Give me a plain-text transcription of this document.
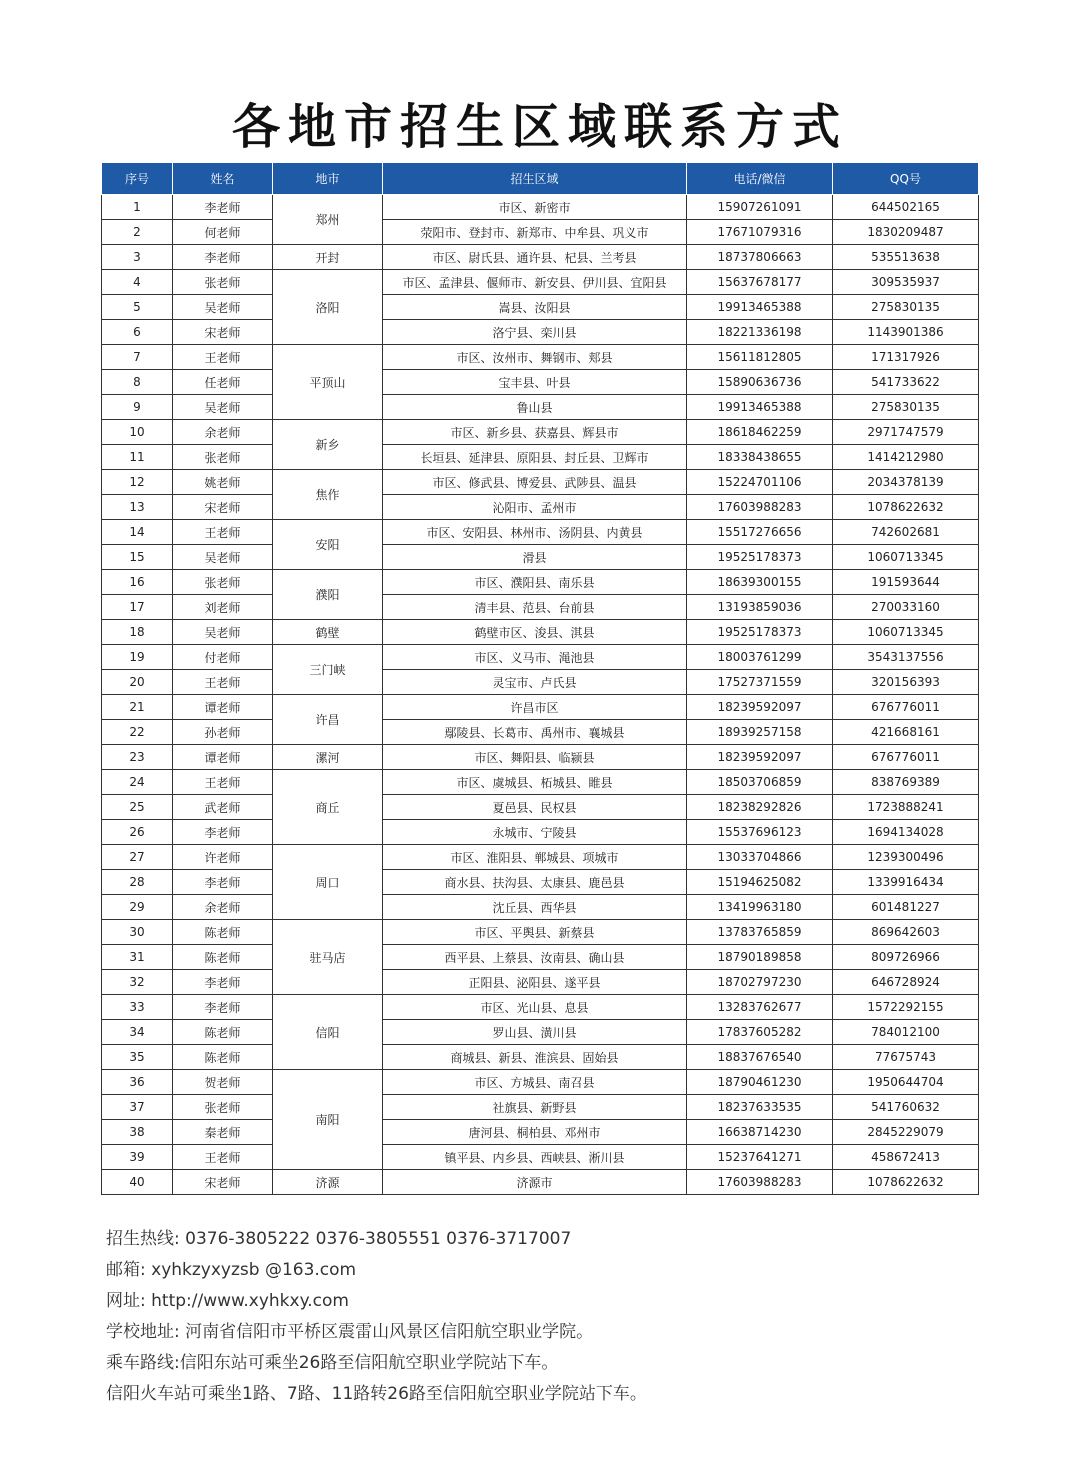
各地市招生区域联系方式
序号	姓名	地市	招生区域	电话/微信	QQ号
1	李老师	郑州	市区、新密市	15907261091	644502165
2	何老师		荥阳市、登封市、新郑市、中牟县、巩义市	17671079316	1830209487
3	李老师	开封	市区、尉氏县、通许县、杞县、兰考县	18737806663	535513638
4	张老师	洛阳	市区、孟津县、偃师市、新安县、伊川县、宜阳县	15637678177	309535937
5	吴老师		嵩县、汝阳县	19913465388	275830135
6	宋老师		洛宁县、栾川县	18221336198	1143901386
7	王老师	平顶山	市区、汝州市、舞钢市、郏县	15611812805	171317926
8	任老师		宝丰县、叶县	15890636736	541733622
9	吴老师		鲁山县	19913465388	275830135
10	余老师	新乡	市区、新乡县、获嘉县、辉县市	18618462259	2971747579
11	张老师		长垣县、延津县、原阳县、封丘县、卫辉市	18338438655	1414212980
12	姚老师	焦作	市区、修武县、博爱县、武陟县、温县	15224701106	2034378139
13	宋老师		沁阳市、孟州市	17603988283	1078622632
14	王老师	安阳	市区、安阳县、林州市、汤阴县、内黄县	15517276656	742602681
15	吴老师		滑县	19525178373	1060713345
16	张老师	濮阳	市区、濮阳县、南乐县	18639300155	191593644
17	刘老师		清丰县、范县、台前县	13193859036	270033160
18	吴老师	鹤壁	鹤壁市区、浚县、淇县	19525178373	1060713345
19	付老师	三门峡	市区、义马市、渑池县	18003761299	3543137556
20	王老师		灵宝市、卢氏县	17527371559	320156393
21	谭老师	许昌	许昌市区	18239592097	676776011
22	孙老师		鄢陵县、长葛市、禹州市、襄城县	18939257158	421668161
23	谭老师	漯河	市区、舞阳县、临颍县	18239592097	676776011
24	王老师	商丘	市区、虞城县、柘城县、睢县	18503706859	838769389
25	武老师		夏邑县、民权县	18238292826	1723888241
26	李老师		永城市、宁陵县	15537696123	1694134028
27	许老师	周口	市区、淮阳县、郸城县、项城市	13033704866	1239300496
28	李老师		商水县、扶沟县、太康县、鹿邑县	15194625082	1339916434
29	余老师		沈丘县、西华县	13419963180	601481227
30	陈老师	驻马店	市区、平舆县、新蔡县	13783765859	869642603
31	陈老师		西平县、上蔡县、汝南县、确山县	18790189858	809726966
32	李老师		正阳县、泌阳县、遂平县	18702797230	646728924
33	李老师	信阳	市区、光山县、息县	13283762677	1572292155
34	陈老师		罗山县、潢川县	17837605282	784012100
35	陈老师		商城县、新县、淮滨县、固始县	18837676540	77675743
36	贺老师	南阳	市区、方城县、南召县	18790461230	1950644704
37	张老师		社旗县、新野县	18237633535	541760632
38	秦老师		唐河县、桐柏县、邓州市	16638714230	2845229079
39	王老师		镇平县、内乡县、西峡县、淅川县	15237641271	458672413
40	宋老师	济源	济源市	17603988283	1078622632
招生热线: 0376-3805222 0376-3805551 0376-3717007
邮箱: xyhkzyxyzsb @163.com
网址: http://www.xyhkxy.com
学校地址: 河南省信阳市平桥区震雷山风景区信阳航空职业学院。
乘车路线:信阳东站可乘坐26路至信阳航空职业学院站下车。
信阳火车站可乘坐1路、7路、11路转26路至信阳航空职业学院站下车。
